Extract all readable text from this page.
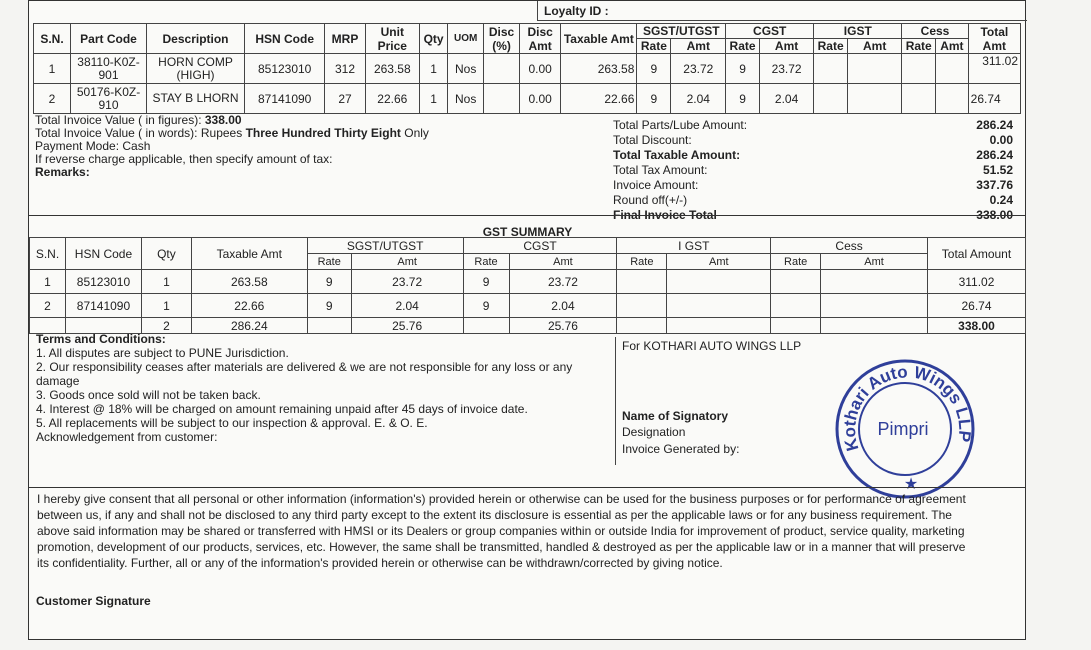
Loyalty ID :
S.N.	Part Code	Description	HSN Code	MRP	Unit Price	Qty	UOM	Disc (%)	Disc Amt	Taxable Amt	SGST/UTGST		CGST		IGST		Cess		Total Amt
											Rate	Amt	Rate	Amt	Rate	Amt	Rate	Amt	
1	38110-K0Z-901	HORN COMP (HIGH)	85123010	312	263.58	1	Nos		0.00	263.58	9	23.72	9	23.72					311.02
2	50176-K0Z-910	STAY B LHORN	87141090	27	22.66	1	Nos		0.00	22.66	9	2.04	9	2.04					26.74
Total Invoice Value ( in figures): 338.00
Total Invoice Value ( in words): Rupees Three Hundred Thirty Eight Only
Payment Mode: Cash
If reverse charge applicable, then specify amount of tax:
Remarks:
Total Parts/Lube Amount:	286.24
Total Discount:	0.00
Total Taxable Amount:	286.24
Total Tax Amount:	51.52
Invoice Amount:	337.76
Round off(+/-)	0.24
Final Invoice Total	338.00
GST SUMMARY
S.N.	HSN Code	Qty	Taxable Amt	SGST/UTGST		CGST		I GST		Cess		Total Amount
				Rate	Amt	Rate	Amt	Rate	Amt	Rate	Amt	
1	85123010	1	263.58	9	23.72	9	23.72					311.02
2	87141090	1	22.66	9	2.04	9	2.04					26.74
		2	286.24		25.76		25.76					338.00
Terms and Conditions:
1. All disputes are subject to PUNE Jurisdiction.
2. Our responsibility ceases after materials are delivered & we are not responsible for any loss or any
damage
3. Goods once sold will not be taken back.
4. Interest @ 18% will be charged on amount remaining unpaid after 45 days of invoice date.
5. All replacements will be subject to our inspection & approval. E. & O. E.
Acknowledgement from customer:
For KOTHARI AUTO WINGS LLP
Name of Signatory
Designation
Invoice Generated by:	Kothari Auto Wings LLP
Pimpri
★
I hereby give consent that all personal or other information (information's) provided herein or otherwise can be used for the business purposes or for performance of agreement
between us, if any and shall not be disclosed to any third party except to the extent its disclosure is essential as per the applicable laws or for any business requirement. The
above said information may be shared or transferred with HMSI or its Dealers or group companies within or outside India for improvement of product, service quality, marketing
promotion, development of our products, services, etc. However, the same shall be transmitted, handled & destroyed as per the applicable law or in a manner that will preserve
its confidentiality. Further, all or any of the information's provided herein or otherwise can be withdrawn/corrected by giving notice.
Customer Signature
